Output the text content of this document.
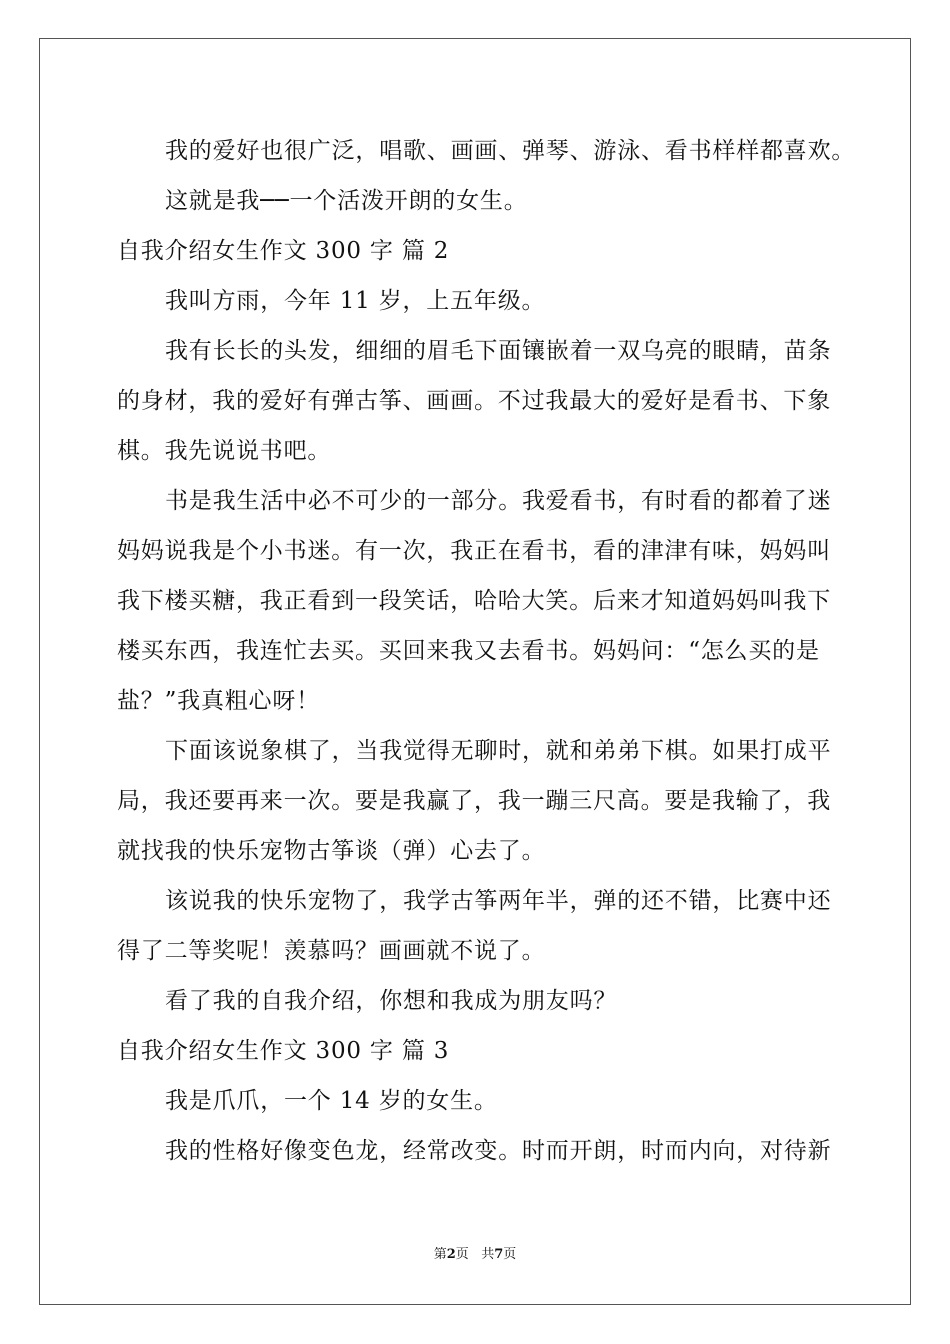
我的爱好也很广泛，唱歌、画画、弹琴、游泳、看书样样都喜欢。
这就是我──一个活泼开朗的女生。
自我介绍女生作文 300 字 篇 2
我叫方雨，今年 11 岁，上五年级。
我有长长的头发，细细的眉毛下面镶嵌着一双乌亮的眼睛，苗条
的身材，我的爱好有弹古筝、画画。不过我最大的爱好是看书、下象
棋。我先说说书吧。
书是我生活中必不可少的一部分。我爱看书，有时看的都着了迷
妈妈说我是个小书迷。有一次，我正在看书，看的津津有味，妈妈叫
我下楼买糖，我正看到一段笑话，哈哈大笑。后来才知道妈妈叫我下
楼买东西，我连忙去买。买回来我又去看书。妈妈问：“怎么买的是
盐？”我真粗心呀！
下面该说象棋了，当我觉得无聊时，就和弟弟下棋。如果打成平
局，我还要再来一次。要是我赢了，我一蹦三尺高。要是我输了，我
就找我的快乐宠物古筝谈（弹）心去了。
该说我的快乐宠物了，我学古筝两年半，弹的还不错，比赛中还
得了二等奖呢！羡慕吗？画画就不说了。
看了我的自我介绍，你想和我成为朋友吗？
自我介绍女生作文 300 字 篇 3
我是爪爪，一个 14 岁的女生。
我的性格好像变色龙，经常改变。时而开朗，时而内向，对待新
第2页 共7页
